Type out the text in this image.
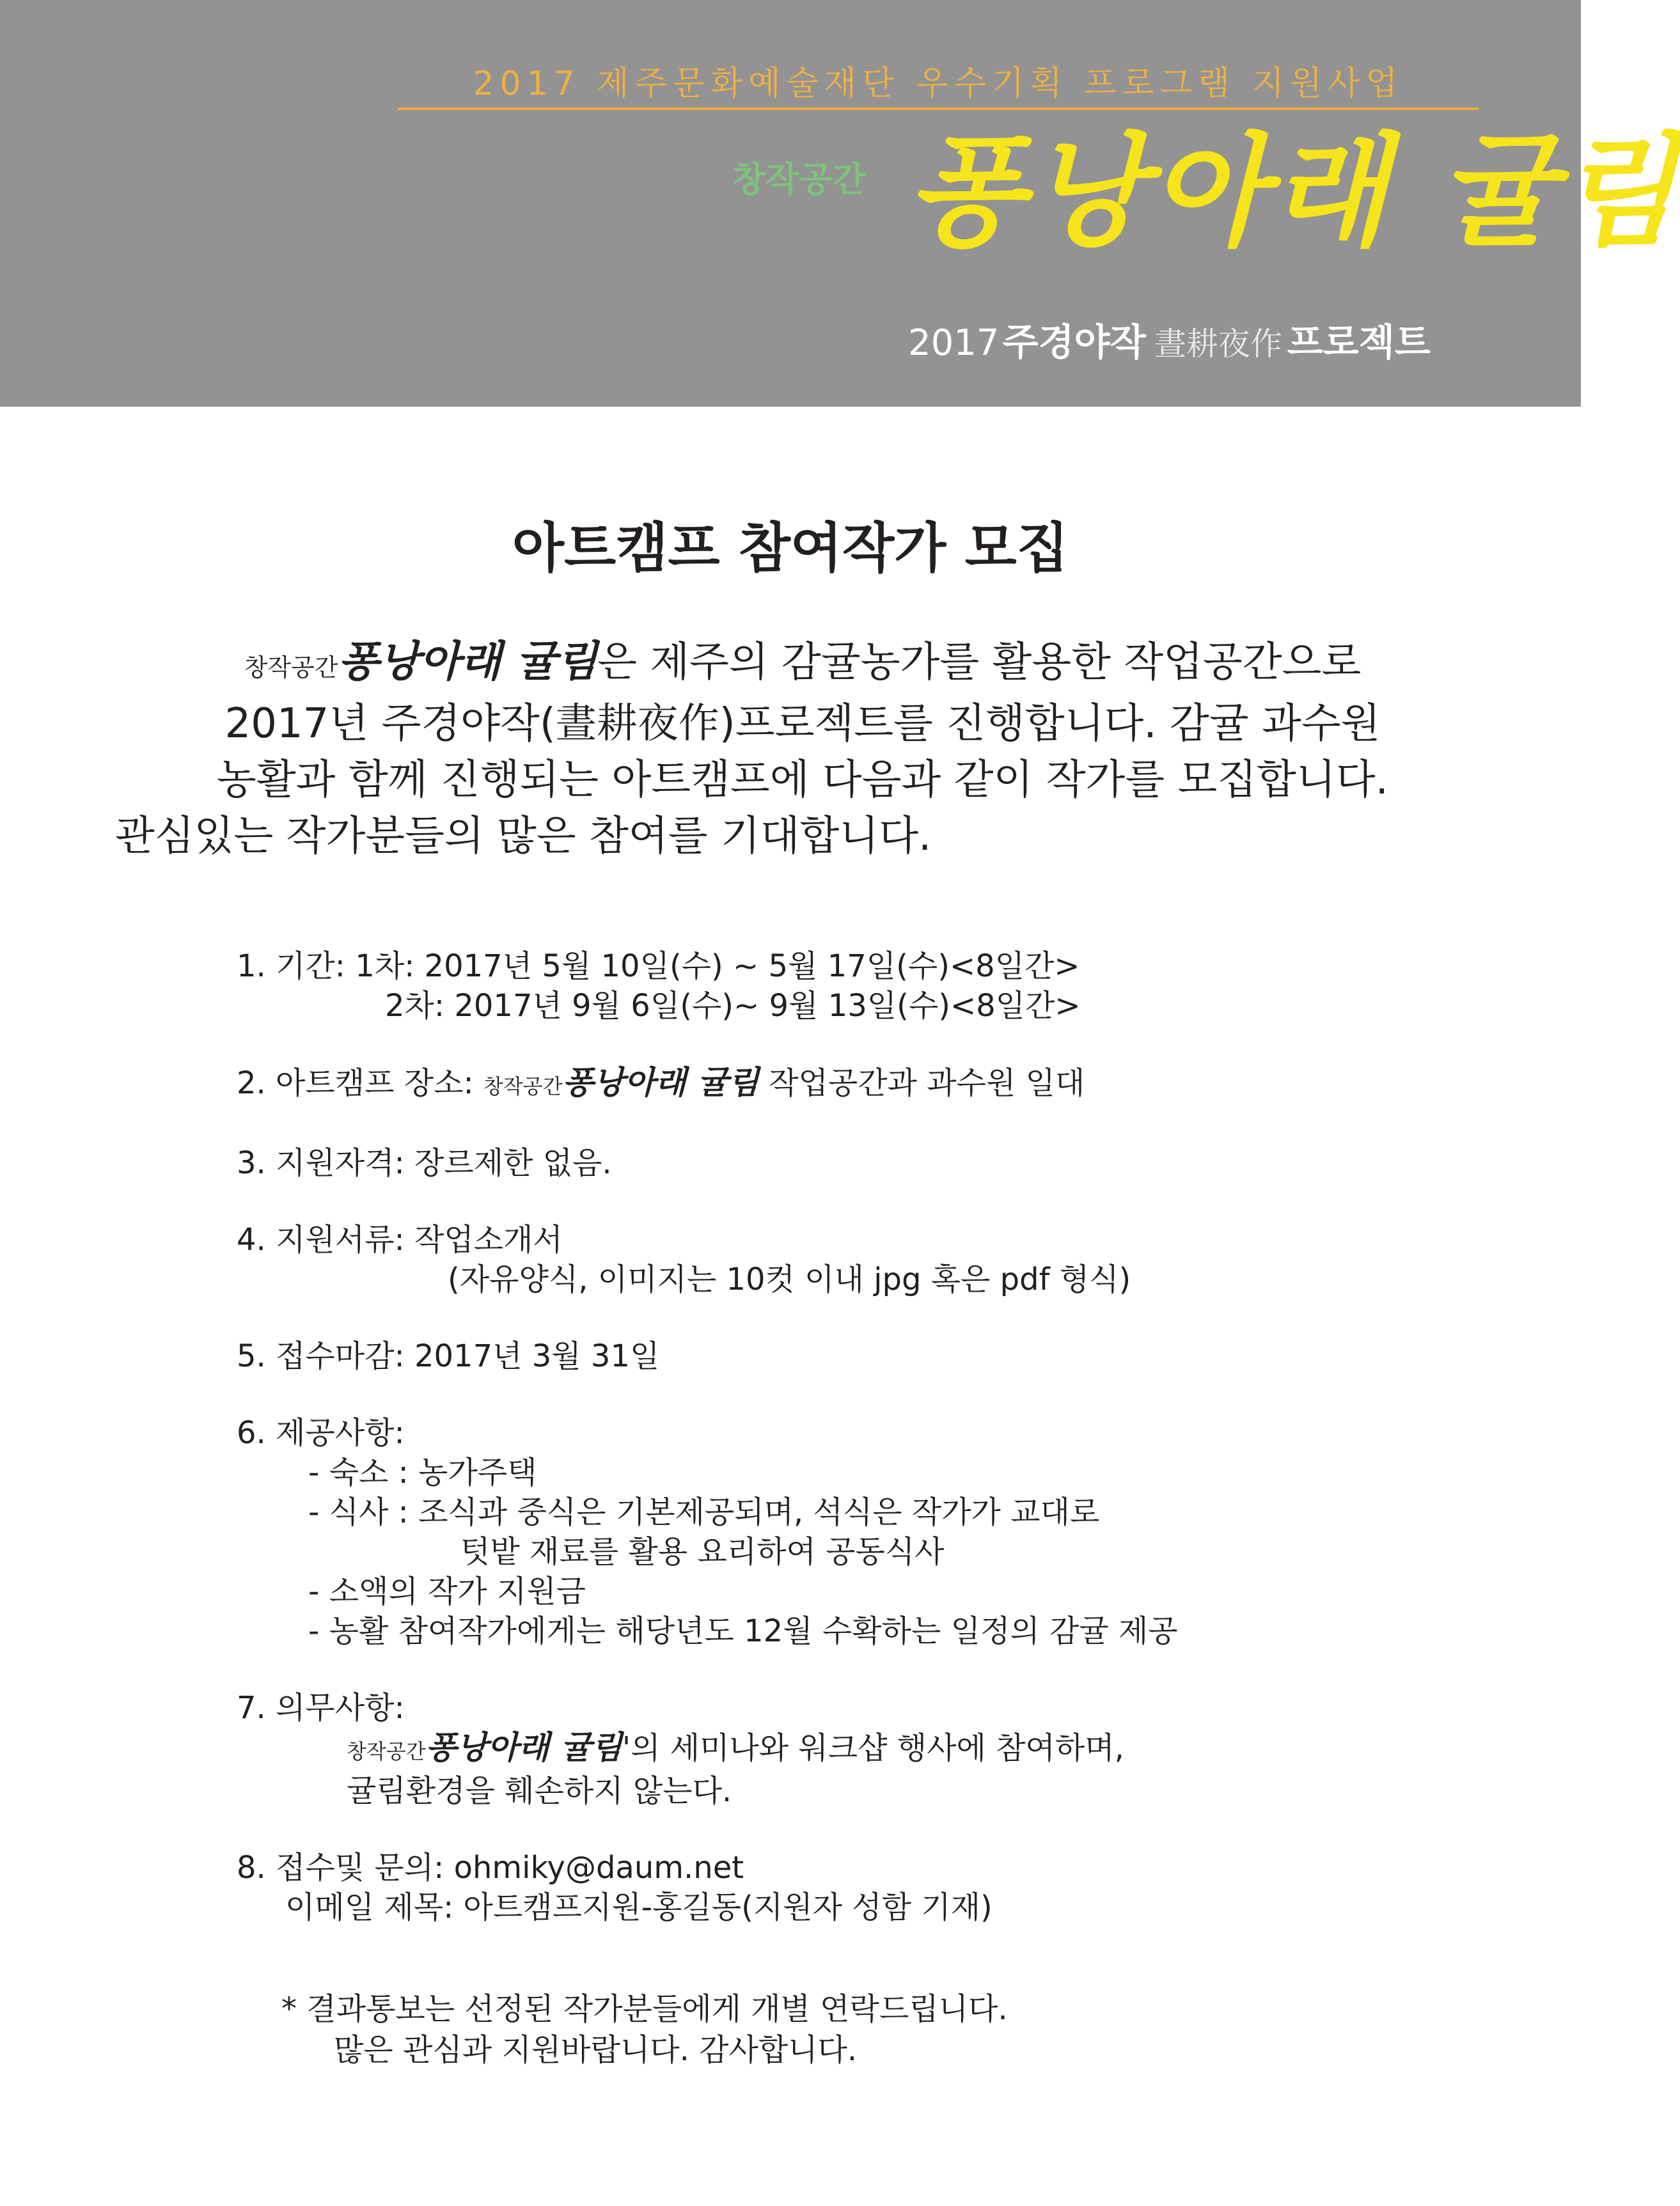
2017 제주문화예술재단 우수기획 프로그램 지원사업
창작공간 퐁낭아래 귤림
2017 주경야작 晝耕夜作 프로젝트
아트캠프 참여작가 모집
창작공간퐁낭아래 귤림은 제주의 감귤농가를 활용한 작업공간으로
2017년 주경야작(晝耕夜作)프로젝트를 진행합니다. 감귤 과수원
농활과 함께 진행되는 아트캠프에 다음과 같이 작가를 모집합니다.
관심있는 작가분들의 많은 참여를 기대합니다.
1. 기간: 1차: 2017년 5월 10일(수) ~ 5월 17일(수)<8일간>
2차: 2017년 9월 6일(수)~ 9월 13일(수)<8일간>
2. 아트캠프 장소: 창작공간퐁낭아래 귤림 작업공간과 과수원 일대
3. 지원자격: 장르제한 없음.
4. 지원서류: 작업소개서
(자유양식, 이미지는 10컷 이내 jpg 혹은 pdf 형식)
5. 접수마감: 2017년 3월 31일
6. 제공사항:
- 숙소 : 농가주택
- 식사 : 조식과 중식은 기본제공되며, 석식은 작가가 교대로
텃밭 재료를 활용 요리하여 공동식사
- 소액의 작가 지원금
- 농활 참여작가에게는 해당년도 12월 수확하는 일정의 감귤 제공
7. 의무사항:
창작공간퐁낭아래 귤림'의 세미나와 워크샵 행사에 참여하며,
귤림환경을 훼손하지 않는다.
8. 접수및 문의: ohmiky@daum.net
이메일 제목: 아트캠프지원-홍길동(지원자 성함 기재)
* 결과통보는 선정된 작가분들에게 개별 연락드립니다.
많은 관심과 지원바랍니다. 감사합니다.
